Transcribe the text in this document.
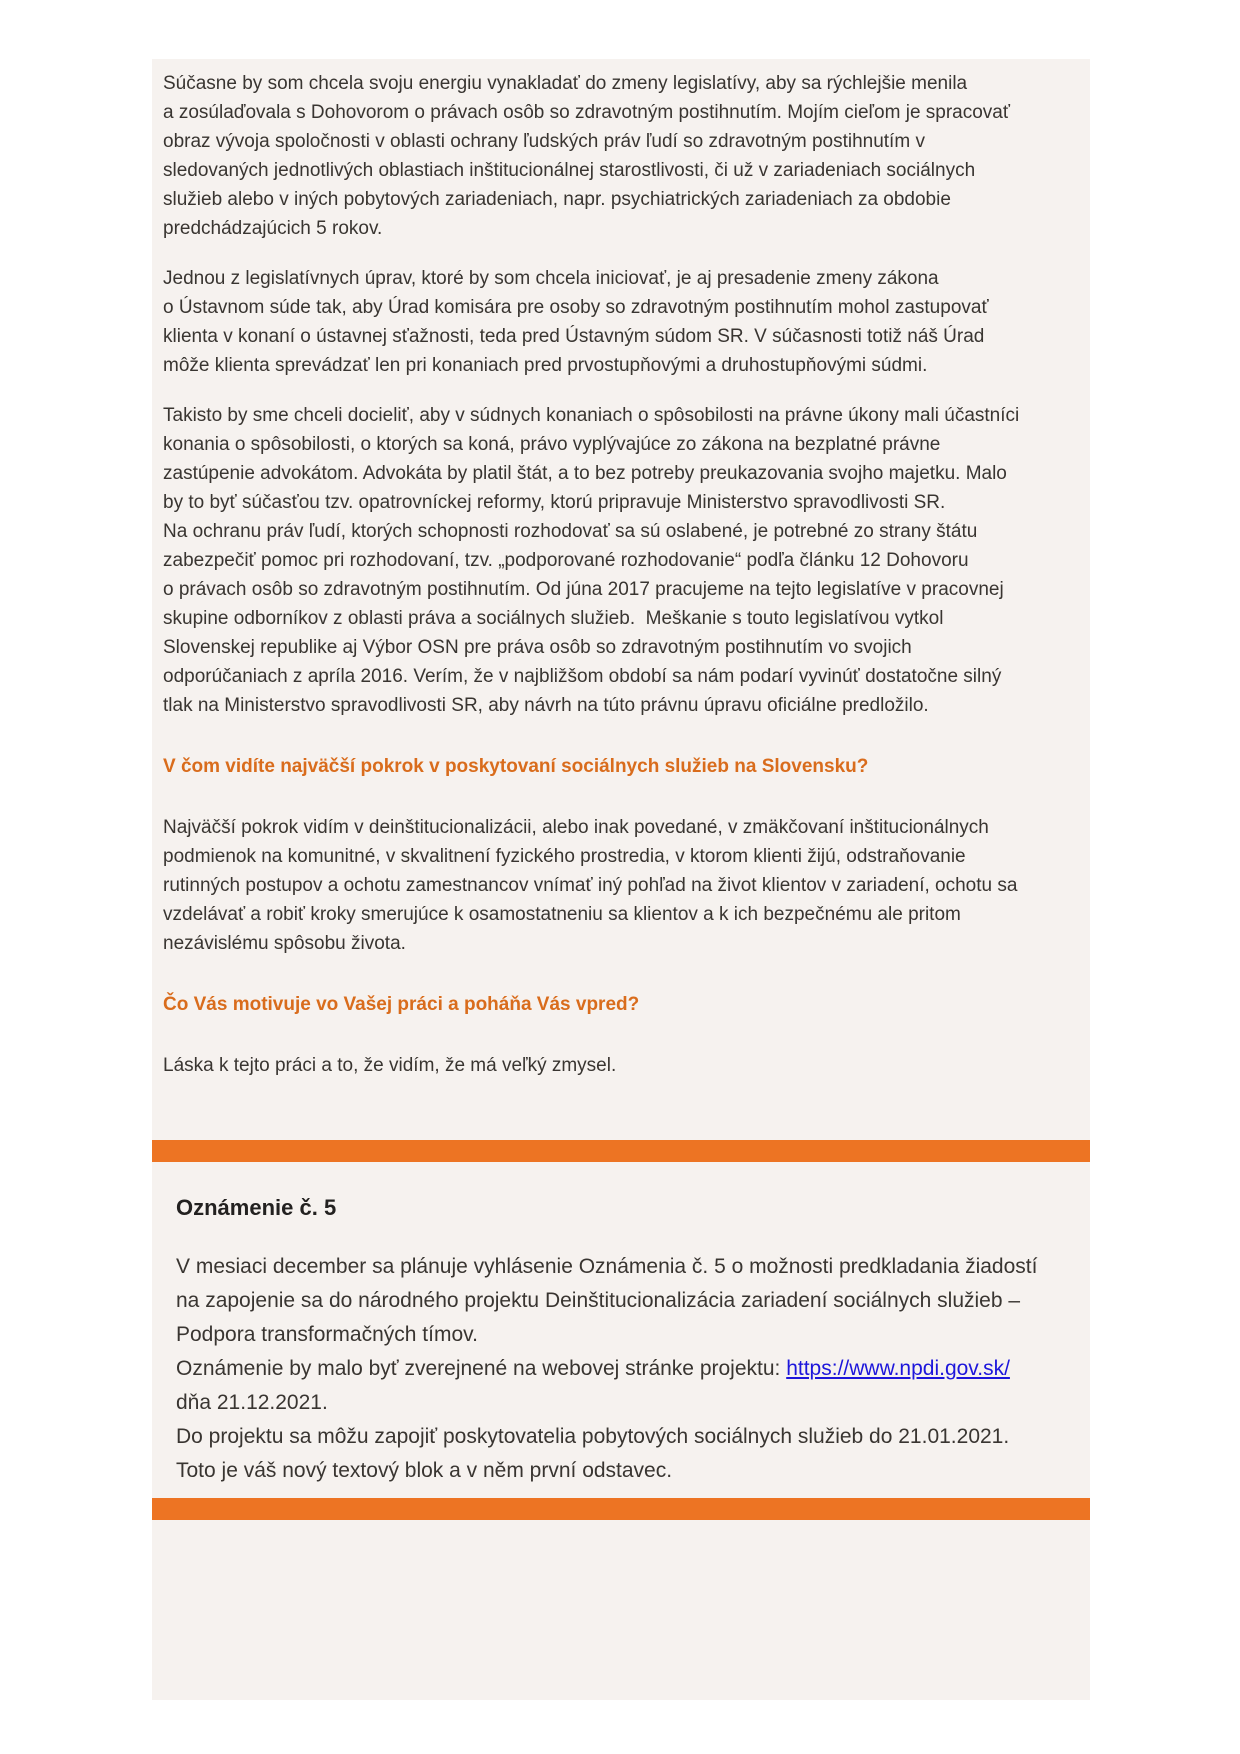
Súčasne by som chcela svoju energiu vynakladať do zmeny legislatívy, aby sa rýchlejšie menila
a zosúlaďovala s Dohovorom o právach osôb so zdravotným postihnutím. Mojím cieľom je spracovať
obraz vývoja spoločnosti v oblasti ochrany ľudských práv ľudí so zdravotným postihnutím v
sledovaných jednotlivých oblastiach inštitucionálnej starostlivosti, či už v zariadeniach sociálnych
služieb alebo v iných pobytových zariadeniach, napr. psychiatrických zariadeniach za obdobie
predchádzajúcich 5 rokov.
Jednou z legislatívnych úprav, ktoré by som chcela iniciovať, je aj presadenie zmeny zákona
o Ústavnom súde tak, aby Úrad komisára pre osoby so zdravotným postihnutím mohol zastupovať
klienta v konaní o ústavnej sťažnosti, teda pred Ústavným súdom SR. V súčasnosti totiž náš Úrad
môže klienta sprevádzať len pri konaniach pred prvostupňovými a druhostupňovými súdmi.
Takisto by sme chceli docieliť, aby v súdnych konaniach o spôsobilosti na právne úkony mali účastníci
konania o spôsobilosti, o ktorých sa koná, právo vyplývajúce zo zákona na bezplatné právne
zastúpenie advokátom. Advokáta by platil štát, a to bez potreby preukazovania svojho majetku. Malo
by to byť súčasťou tzv. opatrovníckej reformy, ktorú pripravuje Ministerstvo spravodlivosti SR.
Na ochranu práv ľudí, ktorých schopnosti rozhodovať sa sú oslabené, je potrebné zo strany štátu
zabezpečiť pomoc pri rozhodovaní, tzv. „podporované rozhodovanie“ podľa článku 12 Dohovoru
o právach osôb so zdravotným postihnutím. Od júna 2017 pracujeme na tejto legislatíve v pracovnej
skupine odborníkov z oblasti práva a sociálnych služieb.  Meškanie s touto legislatívou vytkol
Slovenskej republike aj Výbor OSN pre práva osôb so zdravotným postihnutím vo svojich
odporúčaniach z apríla 2016. Verím, že v najbližšom období sa nám podarí vyvinúť dostatočne silný
tlak na Ministerstvo spravodlivosti SR, aby návrh na túto právnu úpravu oficiálne predložilo.
V čom vidíte najväčší pokrok v poskytovaní sociálnych služieb na Slovensku?
Najväčší pokrok vidím v deinštitucionalizácii, alebo inak povedané, v zmäkčovaní inštitucionálnych
podmienok na komunitné, v skvalitnení fyzického prostredia, v ktorom klienti žijú, odstraňovanie
rutinných postupov a ochotu zamestnancov vnímať iný pohľad na život klientov v zariadení, ochotu sa
vzdelávať a robiť kroky smerujúce k osamostatneniu sa klientov a k ich bezpečnému ale pritom
nezávislému spôsobu života.
Čo Vás motivuje vo Vašej práci a poháňa Vás vpred?
Láska k tejto práci a to, že vidím, že má veľký zmysel.
Oznámenie č. 5
V mesiaci december sa plánuje vyhlásenie Oznámenia č. 5 o možnosti predkladania žiadostí
na zapojenie sa do národného projektu Deinštitucionalizácia zariadení sociálnych služieb –
Podpora transformačných tímov.
Oznámenie by malo byť zverejnené na webovej stránke projektu: https://www.npdi.gov.sk/
dňa 21.12.2021.
Do projektu sa môžu zapojiť poskytovatelia pobytových sociálnych služieb do 21.01.2021.
Toto je váš nový textový blok a v něm první odstavec.
